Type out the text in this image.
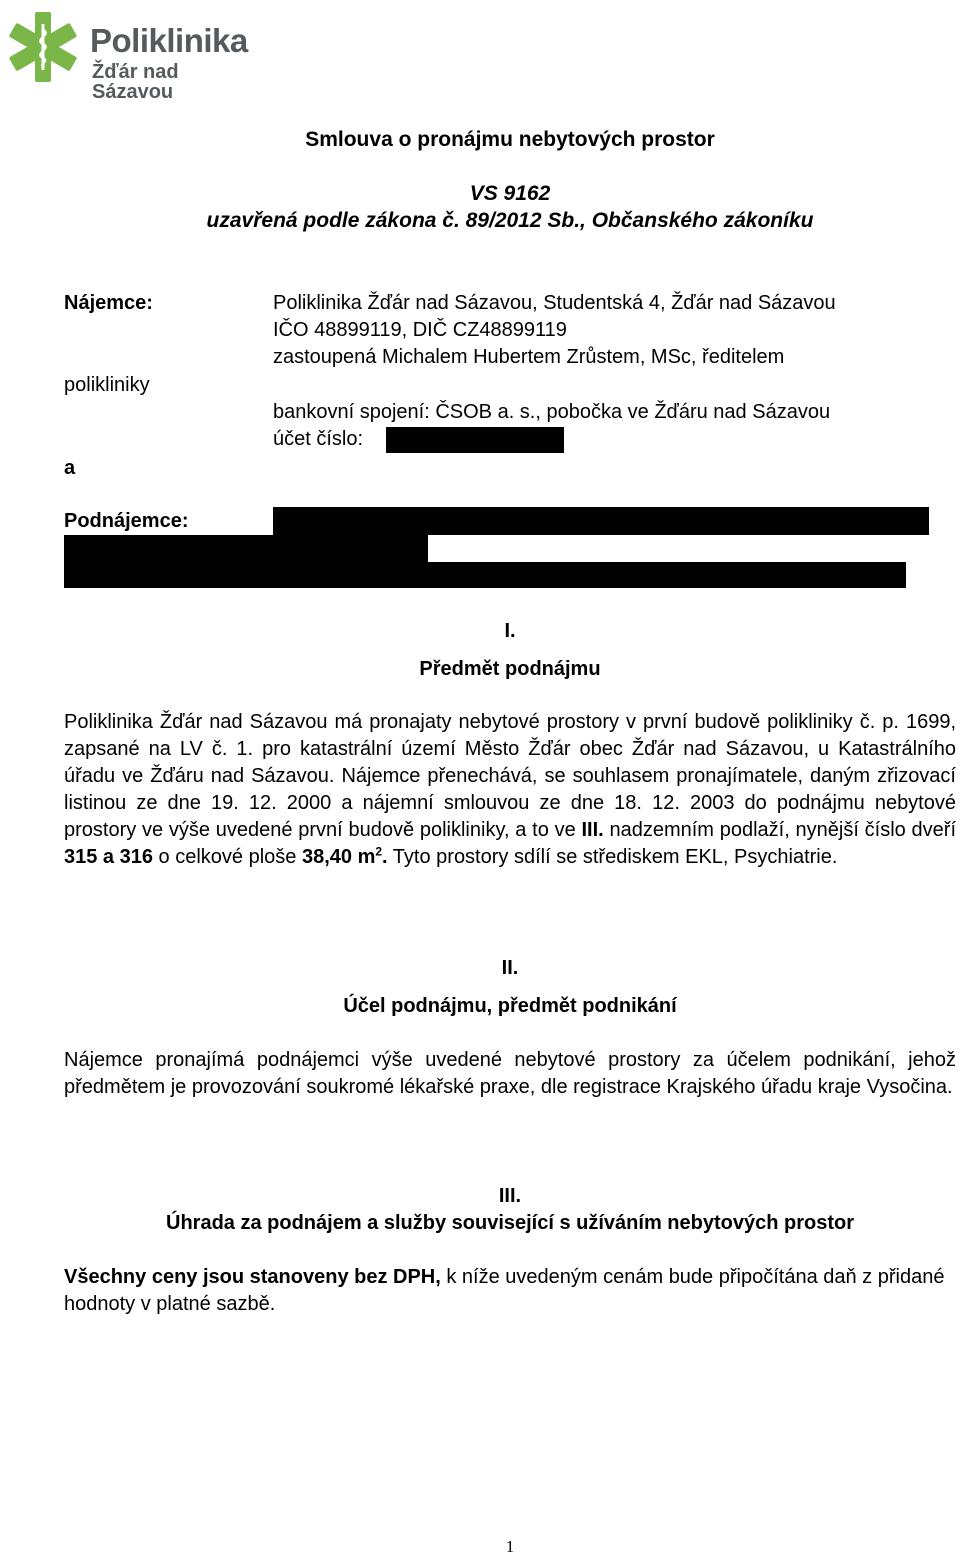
Poliklinika
Žďár nad Sázavou
Smlouva o pronájmu nebytových prostor
VS 9162
uzavřená podle zákona č. 89/2012 Sb., Občanského zákoníku
Nájemce:
polikliniky
a
Poliklinika Žďár nad Sázavou, Studentská 4, Žďár nad Sázavou
IČO 48899119, DIČ CZ48899119
zastoupená Michalem Hubertem Zrůstem, MSc, ředitelem
bankovní spojení: ČSOB a. s., pobočka ve Žďáru nad Sázavou
účet číslo:
Podnájemce:
I.
Předmět podnájmu

Poliklinika Žďár nad Sázavou má pronajaty nebytové prostory v první budově polikliniky č. p. 1699, zapsané na LV č. 1. pro katastrální území Město Žďár obec Žďár nad Sázavou, u Katastrálního úřadu ve Žďáru nad Sázavou. Nájemce přenechává, se souhlasem pronajímatele, daným zřizovací listinou ze dne 19. 12. 2000 a nájemní smlouvou ze dne 18. 12. 2003 do podnájmu nebytové prostory ve výše uvedené první budově polikliniky, a to ve III. nadzemním podlaží, nynější číslo dveří 315 a 316 o celkové ploše 38,40 $m^2$. Tyto prostory sdílí se střediskem EKL, Psychiatrie.

II.
Účel podnájmu, předmět podnikání

Nájemce pronajímá podnájemci výše uvedené nebytové prostory za účelem podnikání, jehož předmětem je provozování soukromé lékařské praxe, dle registrace Krajského úřadu kraje Vysočina.

III.
Úhrada za podnájem a služby související s užíváním nebytových prostor

Všechny ceny jsou stanoveny bez DPH, k níže uvedeným cenám bude připočítána daň z přidané hodnoty v platné sazbě.

1
